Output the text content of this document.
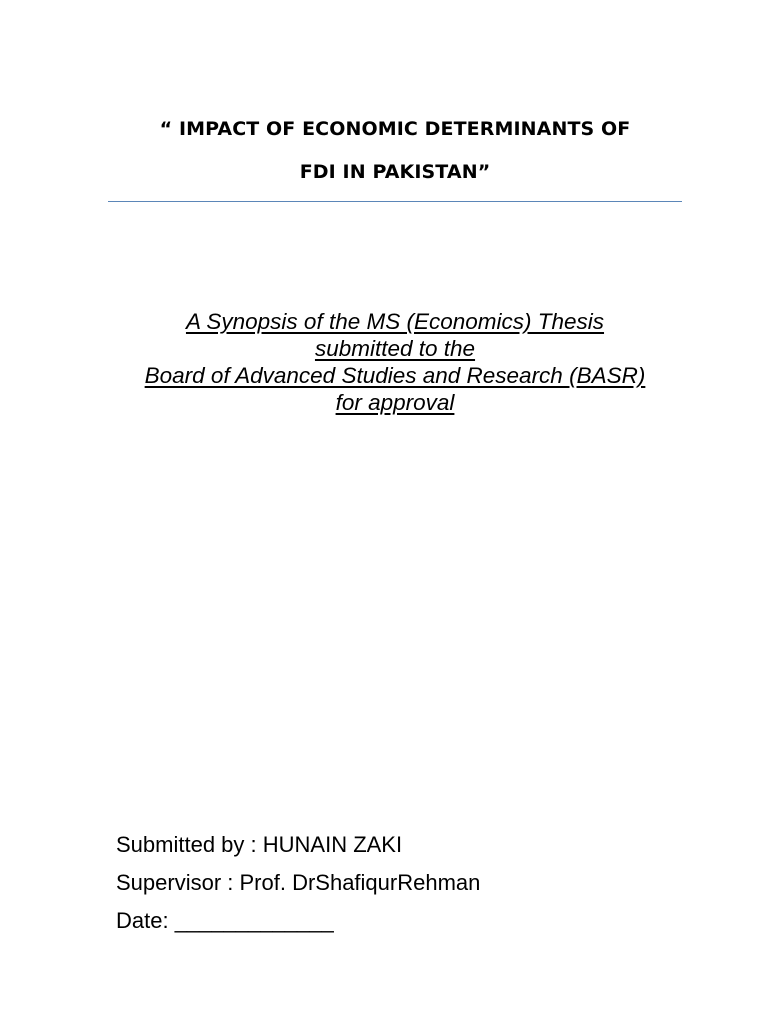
“ IMPACT OF ECONOMIC DETERMINANTS OF
FDI IN PAKISTAN”
A Synopsis of the MS (Economics) Thesis
submitted to the
Board of Advanced Studies and Research (BASR)
for approval
Submitted by : HUNAIN ZAKI
Supervisor : Prof. DrShafiqurRehman
Date: _____________
